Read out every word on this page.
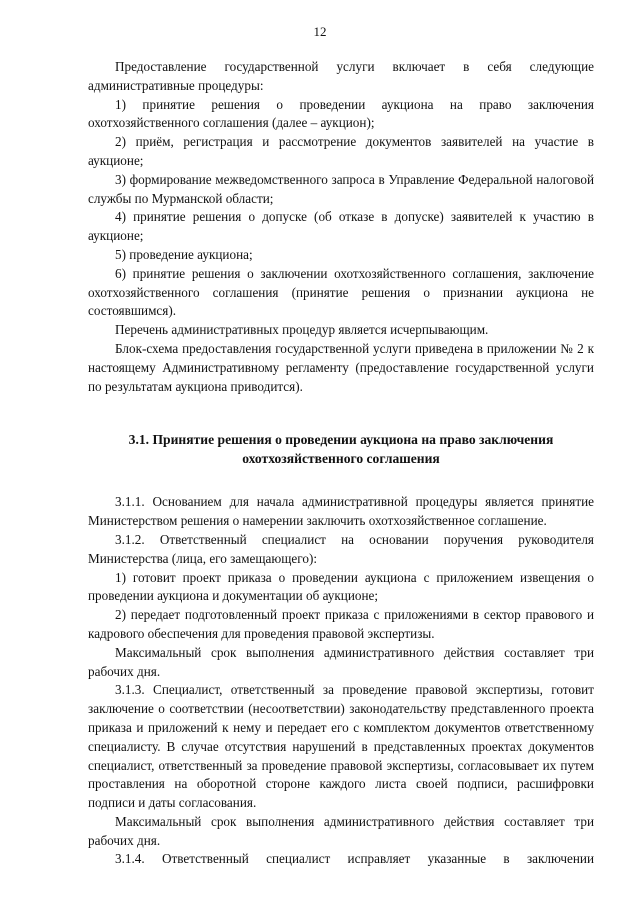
12

Предоставление государственной услуги включает в себя следующие административные процедуры:

1) принятие решения о проведении аукциона на право заключения охотхозяйственного соглашения (далее – аукцион);

2) приём, регистрация и рассмотрение документов заявителей на участие в аукционе;

3) формирование межведомственного запроса в Управление Федеральной налоговой службы по Мурманской области;

4) принятие решения о допуске (об отказе в допуске) заявителей к участию в аукционе;

5) проведение аукциона;

6) принятие решения о заключении охотхозяйственного соглашения, заключение охотхозяйственного соглашения (принятие решения о признании аукциона не состоявшимся).

Перечень административных процедур является исчерпывающим.

Блок-схема предоставления государственной услуги приведена в приложении № 2 к настоящему Административному регламенту (предоставление государственной услуги по результатам аукциона приводится).

3.1. Принятие решения о проведении аукциона на право заключения
охотхозяйственного соглашения

3.1.1. Основанием для начала административной процедуры является принятие Министерством решения о намерении заключить охотхозяйственное соглашение.

3.1.2. Ответственный специалист на основании поручения руководителя Министерства (лица, его замещающего):

1) готовит проект приказа о проведении аукциона с приложением извещения о проведении аукциона и документации об аукционе;

2) передает подготовленный проект приказа с приложениями в сектор правового и кадрового обеспечения для проведения правовой экспертизы.

Максимальный срок выполнения административного действия составляет три рабочих дня.

3.1.3. Специалист, ответственный за проведение правовой экспертизы, готовит заключение о соответствии (несоответствии) законодательству представленного проекта приказа и приложений к нему и передает его с комплектом документов ответственному специалисту. В случае отсутствия нарушений в представленных проектах документов специалист, ответственный за проведение правовой экспертизы, согласовывает их путем проставления на оборотной стороне каждого листа своей подписи, расшифровки подписи и даты согласования.

Максимальный срок выполнения административного действия составляет три рабочих дня.

3.1.4. Ответственный специалист исправляет указанные в заключении
